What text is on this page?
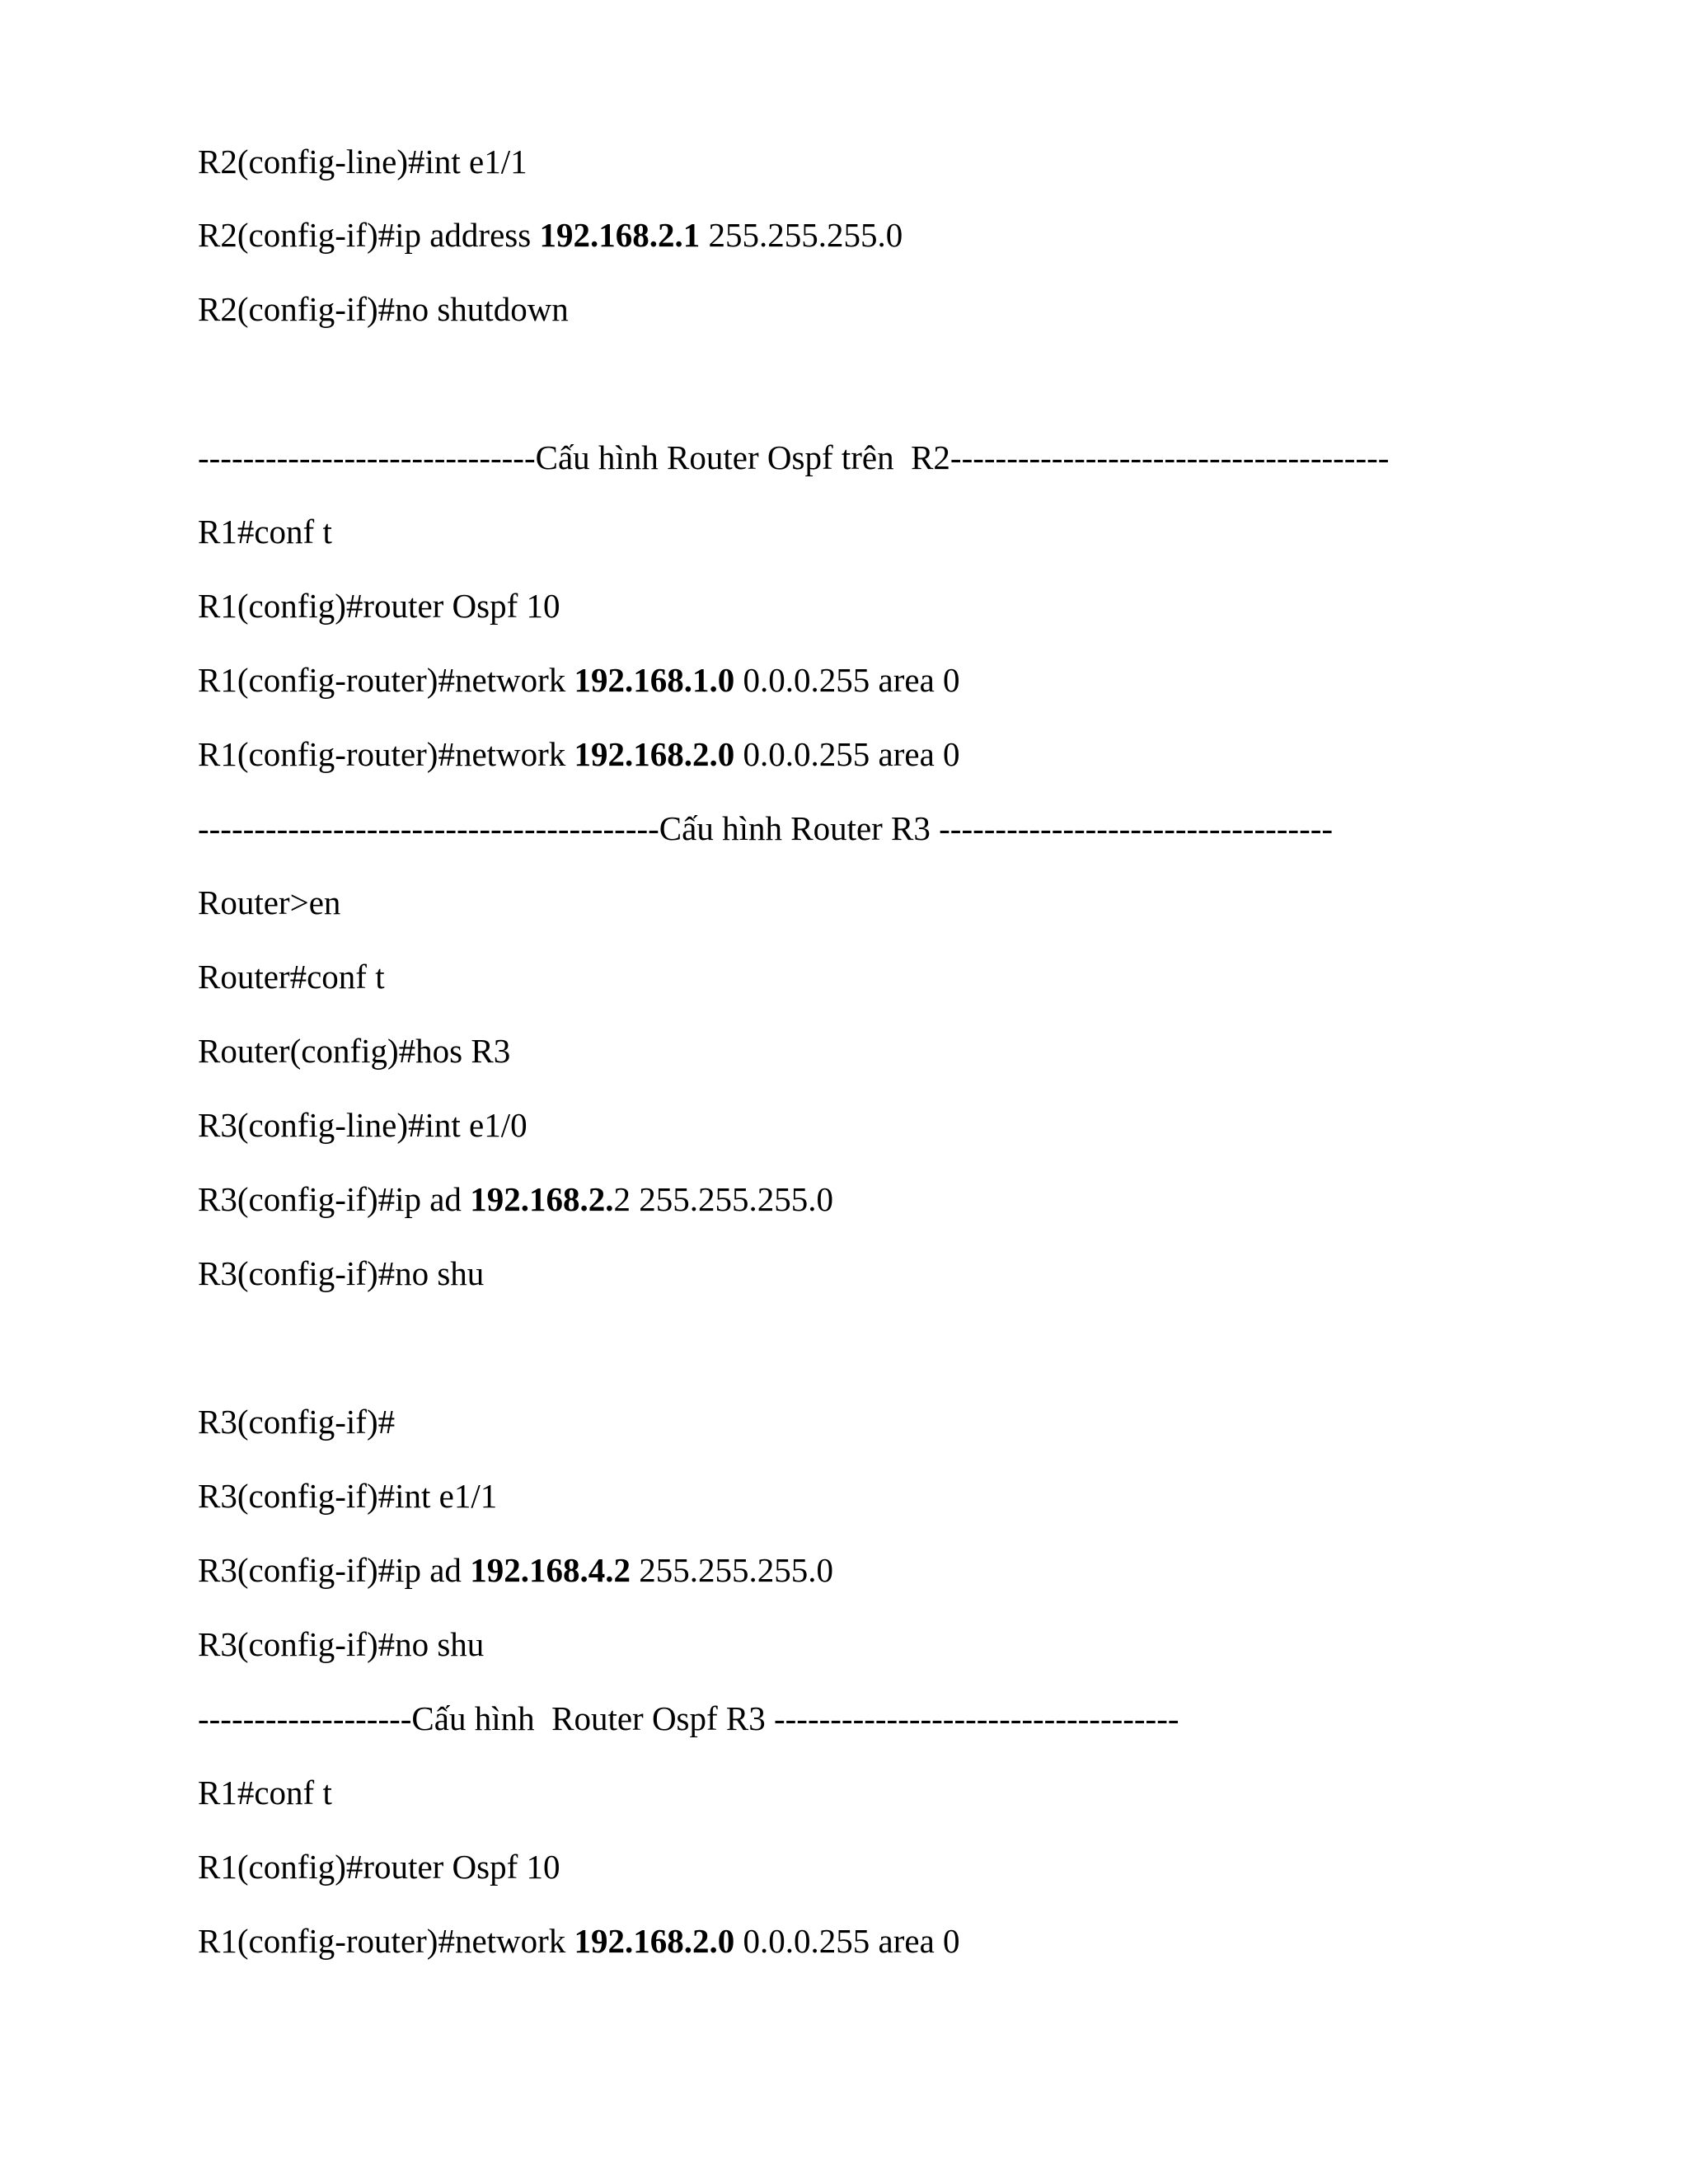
R2(config-line)#int e1/1
R2(config-if)#ip address 192.168.2.1 255.255.255.0
R2(config-if)#no shutdown
------------------------------Cấu hình Router Ospf trên  R2---------------------------------------
R1#conf t
R1(config)#router Ospf 10
R1(config-router)#network 192.168.1.0 0.0.0.255 area 0
R1(config-router)#network 192.168.2.0 0.0.0.255 area 0
-----------------------------------------Cấu hình Router R3 -----------------------------------
Router>en
Router#conf t
Router(config)#hos R3
R3(config-line)#int e1/0
R3(config-if)#ip ad 192.168.2.2 255.255.255.0
R3(config-if)#no shu
R3(config-if)#
R3(config-if)#int e1/1
R3(config-if)#ip ad 192.168.4.2 255.255.255.0
R3(config-if)#no shu
-------------------Cấu hình  Router Ospf R3 ------------------------------------
R1#conf t
R1(config)#router Ospf 10
R1(config-router)#network 192.168.2.0 0.0.0.255 area 0
